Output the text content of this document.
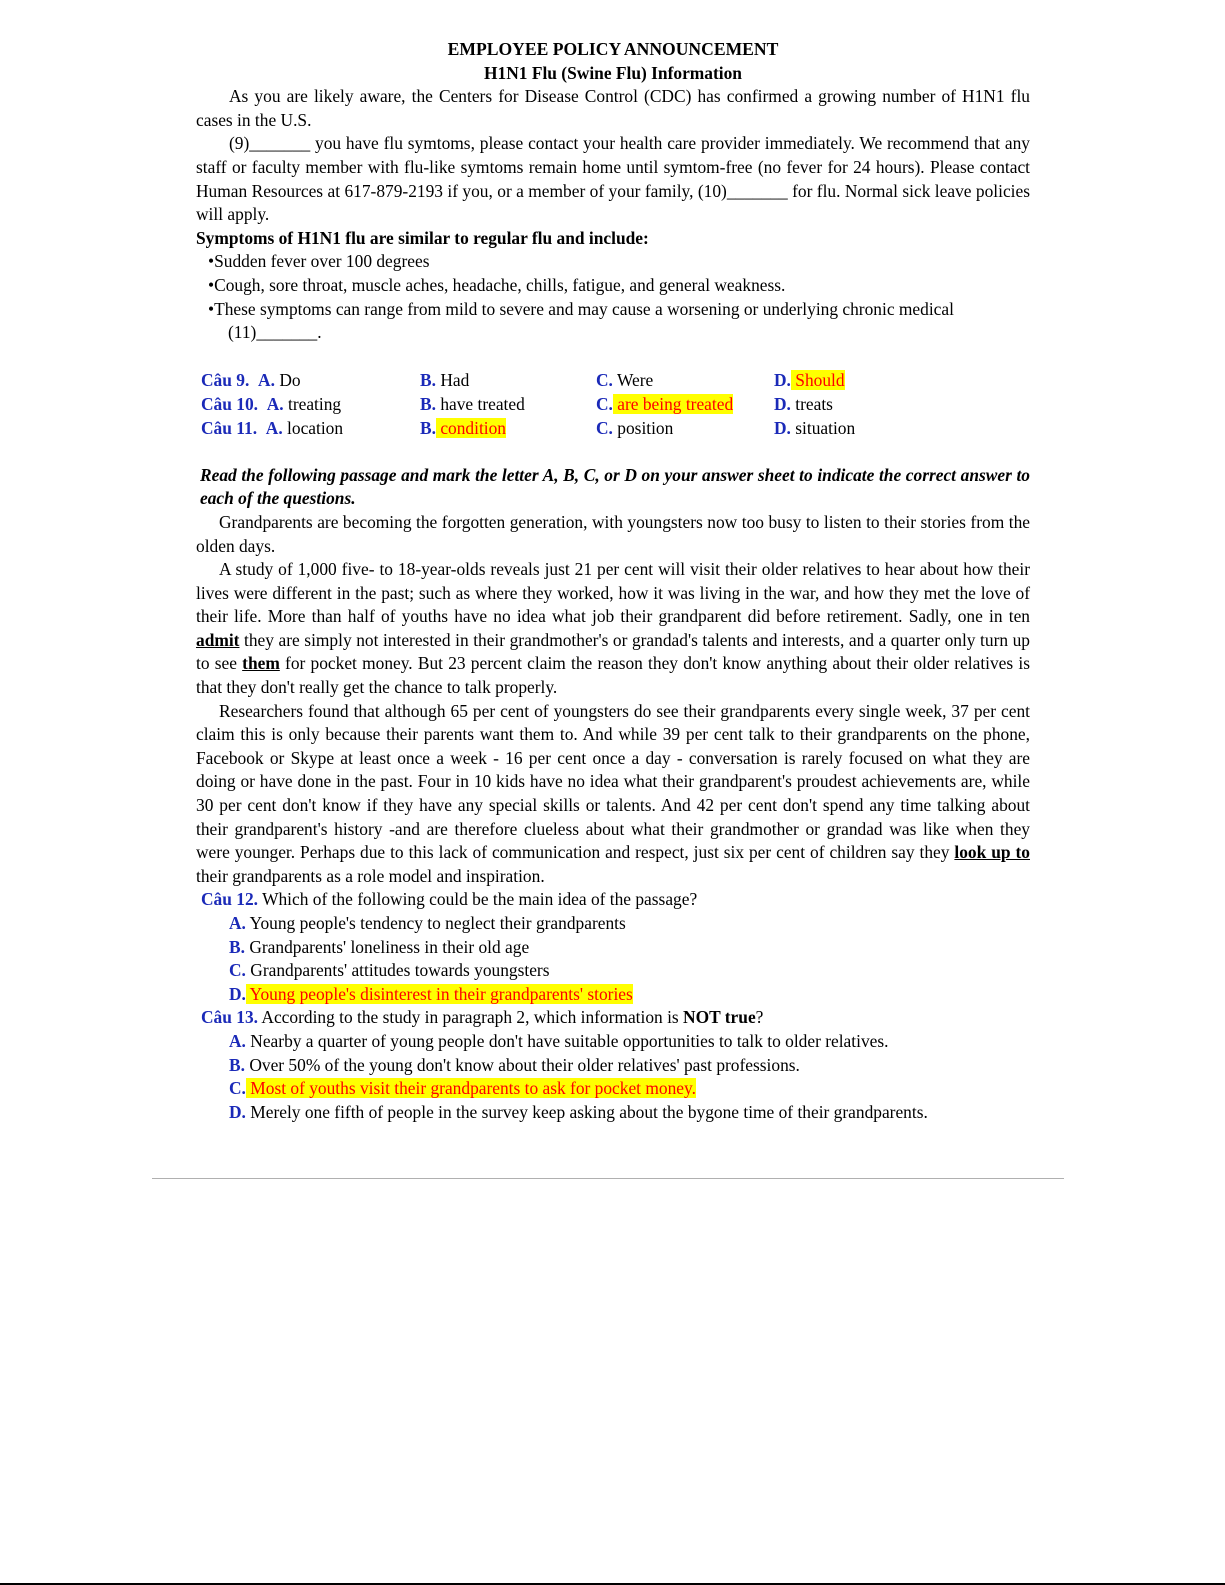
EMPLOYEE POLICY ANNOUNCEMENT

H1N1 Flu (Swine Flu) Information

As you are likely aware, the Centers for Disease Control (CDC) has confirmed a growing number of H1N1 flu cases in the U.S.

(9)_______ you have flu symtoms, please contact your health care provider immediately. We recommend that any staff or faculty member with flu-like symtoms remain home until symtom-free (no fever for 24 hours). Please contact Human Resources at 617-879-2193 if you, or a member of your family, (10)_______ for flu. Normal sick leave policies will apply.

Symptoms of H1N1 flu are similar to regular flu and include:

•Sudden fever over 100 degrees
•Cough, sore throat, muscle aches, headache, chills, fatigue, and general weakness.
•These symptoms can range from mild to severe and may cause a worsening or underlying chronic medical

(11)_______.

Câu 9. A. Do	B. Had	C. Were	D. Should
Câu 10. A. treating	B. have treated	C. are being treated	D. treats
Câu 11. A. location	B. condition	C. position	D. situation

Read the following passage and mark the letter A, B, C, or D on your answer sheet to indicate the correct answer to each of the questions.

Grandparents are becoming the forgotten generation, with youngsters now too busy to listen to their stories from the olden days.

A study of 1,000 five- to 18-year-olds reveals just 21 per cent will visit their older relatives to hear about how their lives were different in the past; such as where they worked, how it was living in the war, and how they met the love of their life. More than half of youths have no idea what job their grandparent did before retirement. Sadly, one in ten admit they are simply not interested in their grandmother's or grandad's talents and interests, and a quarter only turn up to see them for pocket money. But 23 percent claim the reason they don't know anything about their older relatives is that they don't really get the chance to talk properly.

Researchers found that although 65 per cent of youngsters do see their grandparents every single week, 37 per cent claim this is only because their parents want them to. And while 39 per cent talk to their grandparents on the phone, Facebook or Skype at least once a week - 16 per cent once a day - conversation is rarely focused on what they are doing or have done in the past. Four in 10 kids have no idea what their grandparent's proudest achievements are, while 30 per cent don't know if they have any special skills or talents. And 42 per cent don't spend any time talking about their grandparent's history -and are therefore clueless about what their grandmother or grandad was like when they were younger. Perhaps due to this lack of communication and respect, just six per cent of children say they look up to their grandparents as a role model and inspiration.

Câu 12. Which of the following could be the main idea of the passage?

A. Young people's tendency to neglect their grandparents

B. Grandparents' loneliness in their old age

C. Grandparents' attitudes towards youngsters

D. Young people's disinterest in their grandparents' stories

Câu 13. According to the study in paragraph 2, which information is NOT true?

A. Nearby a quarter of young people don't have suitable opportunities to talk to older relatives.

B. Over 50% of the young don't know about their older relatives' past professions.

C. Most of youths visit their grandparents to ask for pocket money.

D. Merely one fifth of people in the survey keep asking about the bygone time of their grandparents.
